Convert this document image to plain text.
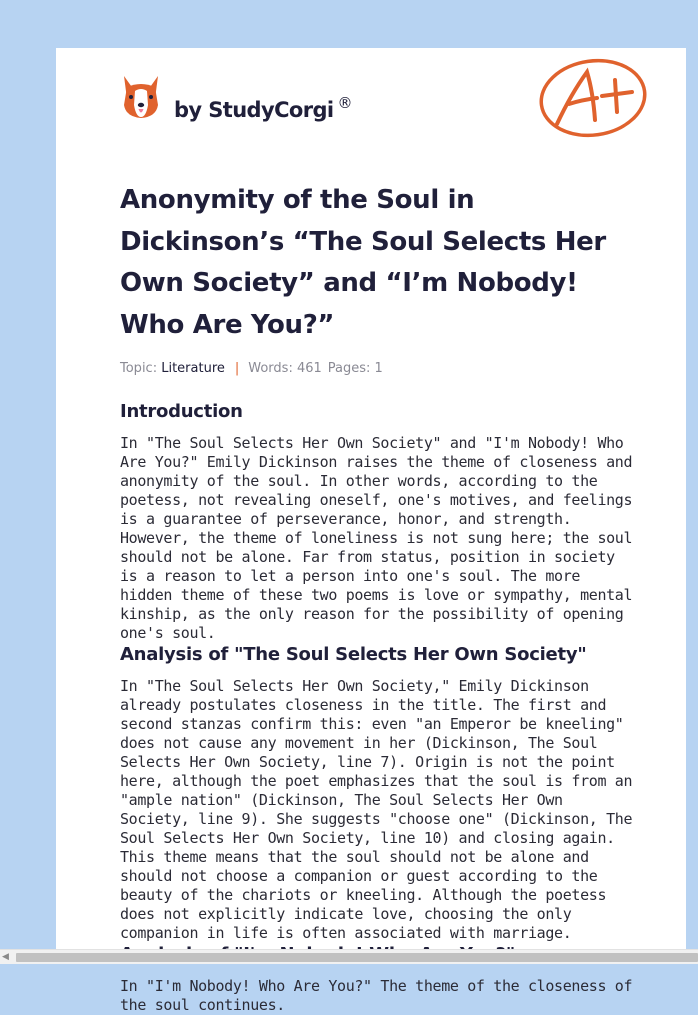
by StudyCorgi ®
A+
Anonymity of the Soul in Dickinson’s “The Soul Selects Her Own Society” and “I’m Nobody! Who Are You?”
Topic: Literature | Words: 461 Pages: 1
Introduction

In "The Soul Selects Her Own Society" and "I'm Nobody! Who Are You?" Emily Dickinson raises the theme of closeness and anonymity of the soul. In other words, according to the poetess, not revealing oneself, one's motives, and feelings is a guarantee of perseverance, honor, and strength. However, the theme of loneliness is not sung here; the soul should not be alone. Far from status, position in society is a reason to let a person into one's soul. The more hidden theme of these two poems is love or sympathy, mental kinship, as the only reason for the possibility of opening one's soul.

Analysis of "The Soul Selects Her Own Society"

In "The Soul Selects Her Own Society," Emily Dickinson already postulates closeness in the title. The first and second stanzas confirm this: even "an Emperor be kneeling" does not cause any movement in her (Dickinson, The Soul Selects Her Own Society, line 7). Origin is not the point here, although the poet emphasizes that the soul is from an "ample nation" (Dickinson, The Soul Selects Her Own Society, line 9). She suggests "choose one" (Dickinson, The Soul Selects Her Own Society, line 10) and closing again. This theme means that the soul should not be alone and should not choose a companion or guest according to the beauty of the chariots or kneeling. Although the poetess does not explicitly indicate love, choosing the only companion in life is often associated with marriage.

In "I'm Nobody! Who Are You?" The theme of the closeness of the soul continues.

◀
